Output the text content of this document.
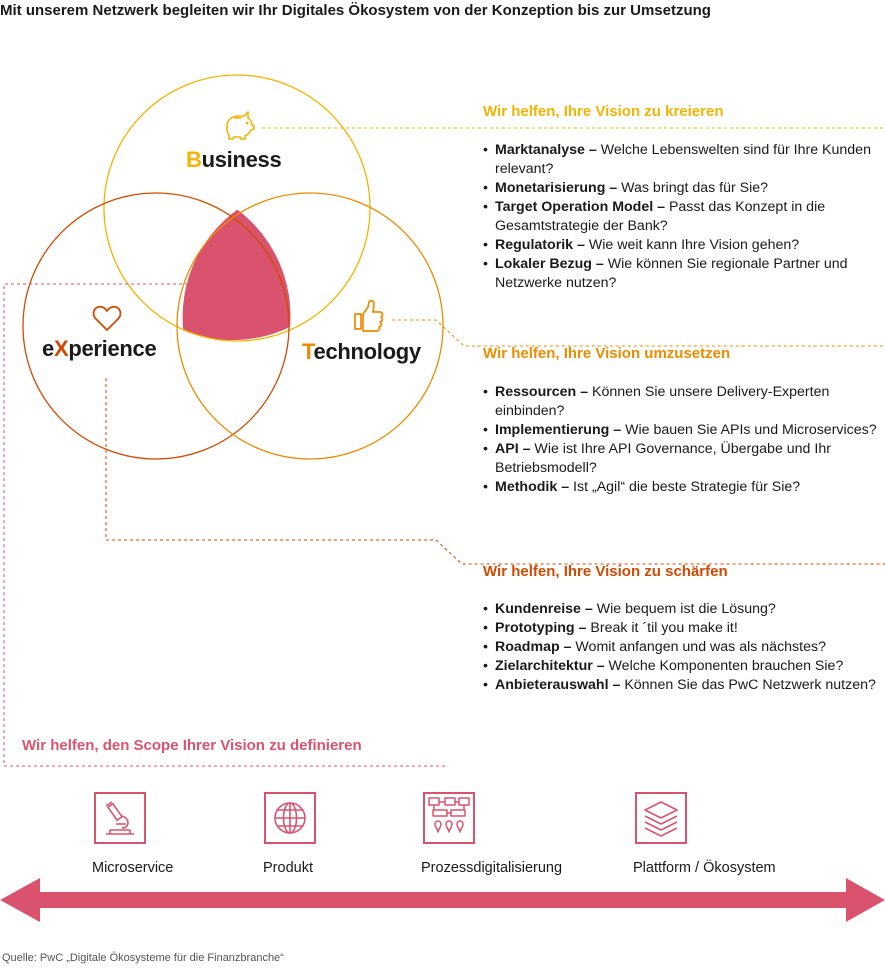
Mit unserem Netzwerk begleiten wir Ihr Digitales Ökosystem von der Konzeption bis zur Umsetzung
Business
eXperience	Technology
Wir helfen, Ihre Vision zu kreieren
• Marktanalyse – Welche Lebenswelten sind für Ihre Kunden relevant?
• Monetarisierung – Was bringt das für Sie?
• Target Operation Model – Passt das Konzept in die Gesamtstrategie der Bank?
• Regulatorik – Wie weit kann Ihre Vision gehen?
• Lokaler Bezug – Wie können Sie regionale Partner und Netzwerke nutzen?
Wir helfen, Ihre Vision umzusetzen
• Ressourcen – Können Sie unsere Delivery-Experten einbinden?
• Implementierung – Wie bauen Sie APIs und Microservices?
• API – Wie ist Ihre API Governance, Übergabe und Ihr Betriebsmodell?
• Methodik – Ist „Agil“ die beste Strategie für Sie?
Wir helfen, Ihre Vision zu schärfen
• Kundenreise – Wie bequem ist die Lösung?
• Prototyping – Break it ´til you make it!
• Roadmap – Womit anfangen und was als nächstes?
• Zielarchitektur – Welche Komponenten brauchen Sie?
• Anbieterauswahl – Können Sie das PwC Netzwerk nutzen?
Wir helfen, den Scope Ihrer Vision zu definieren
Microservice	Produkt	Prozessdigitalisierung	Plattform / Ökosystem
Quelle: PwC „Digitale Ökosysteme für die Finanzbranche“
